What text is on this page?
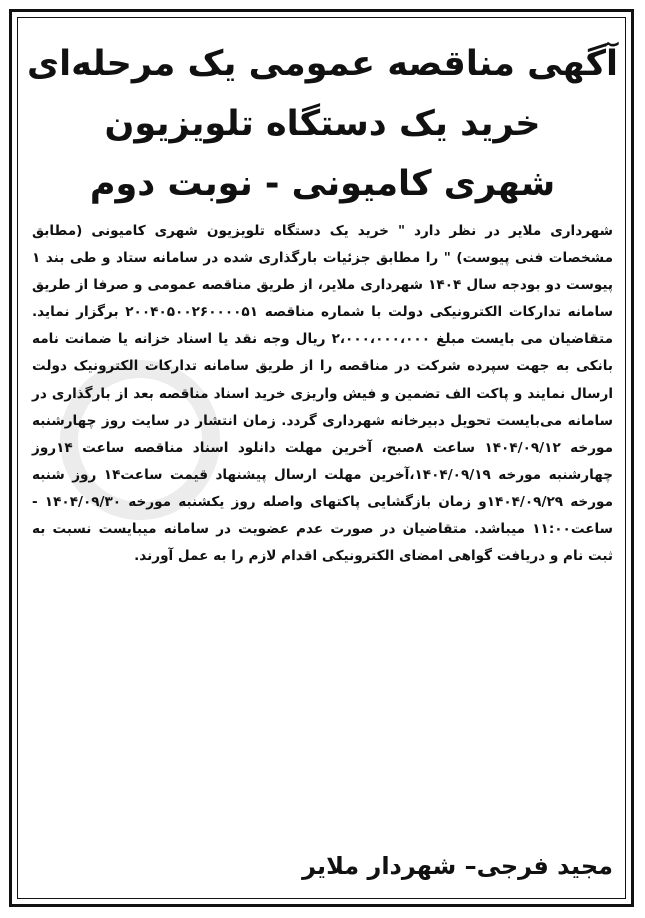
آگهی مناقصه عمومی یک مرحله‌ای
خرید یک دستگاه تلویزیون
شهری کامیونی - نوبت دوم

شهرداری ملایر در نظر دارد " خرید یک دستگاه تلویزیون شهری کامیونی (مطابق مشخصات فنی پیوست) " را مطابق جزئیات بارگذاری شده در سامانه ستاد و طی بند ۱ پیوست دو بودجه سال ۱۴۰۴ شهرداری ملایر، از طریق مناقصه عمومی و صرفا از طریق سامانه تدارکات الکترونیکی دولت با شماره مناقصه ۲۰۰۴۰۵۰۰۲۶۰۰۰۰۵۱ برگزار نماید. متقاضیان می بایست مبلغ ۲،۰۰۰،۰۰۰،۰۰۰ ریال وجه نقد یا اسناد خزانه یا ضمانت نامه بانکی به جهت سپرده شرکت در مناقصه را از طریق سامانه تدارکات الکترونیک دولت ارسال نمایند و پاکت الف تضمین و فیش واریزی خرید اسناد مناقصه بعد از بارگذاری در سامانه می‌بایست تحویل دبیرخانه شهرداری گردد. زمان انتشار در سایت روز چهارشنبه مورخه ۱۴۰۴/۰۹/۱۲ ساعت ۸صبح، آخرین مهلت دانلود اسناد مناقصه ساعت ۱۴روز چهارشنبه مورخه ۱۴۰۴/۰۹/۱۹،آخرین مهلت ارسال پیشنهاد قیمت ساعت۱۴ روز شنبه مورخه ۱۴۰۴/۰۹/۲۹و زمان بازگشایی پاکتهای واصله روز یکشنبه مورخه ۱۴۰۴/۰۹/۳۰ - ساعت۱۱:۰۰ میباشد. متقاضیان در صورت عدم عضویت در سامانه میبایست نسبت به ثبت نام و دریافت گواهی امضای الکترونیکی اقدام لازم را به عمل آورند.

مجید فرجی– شهردار ملایر
